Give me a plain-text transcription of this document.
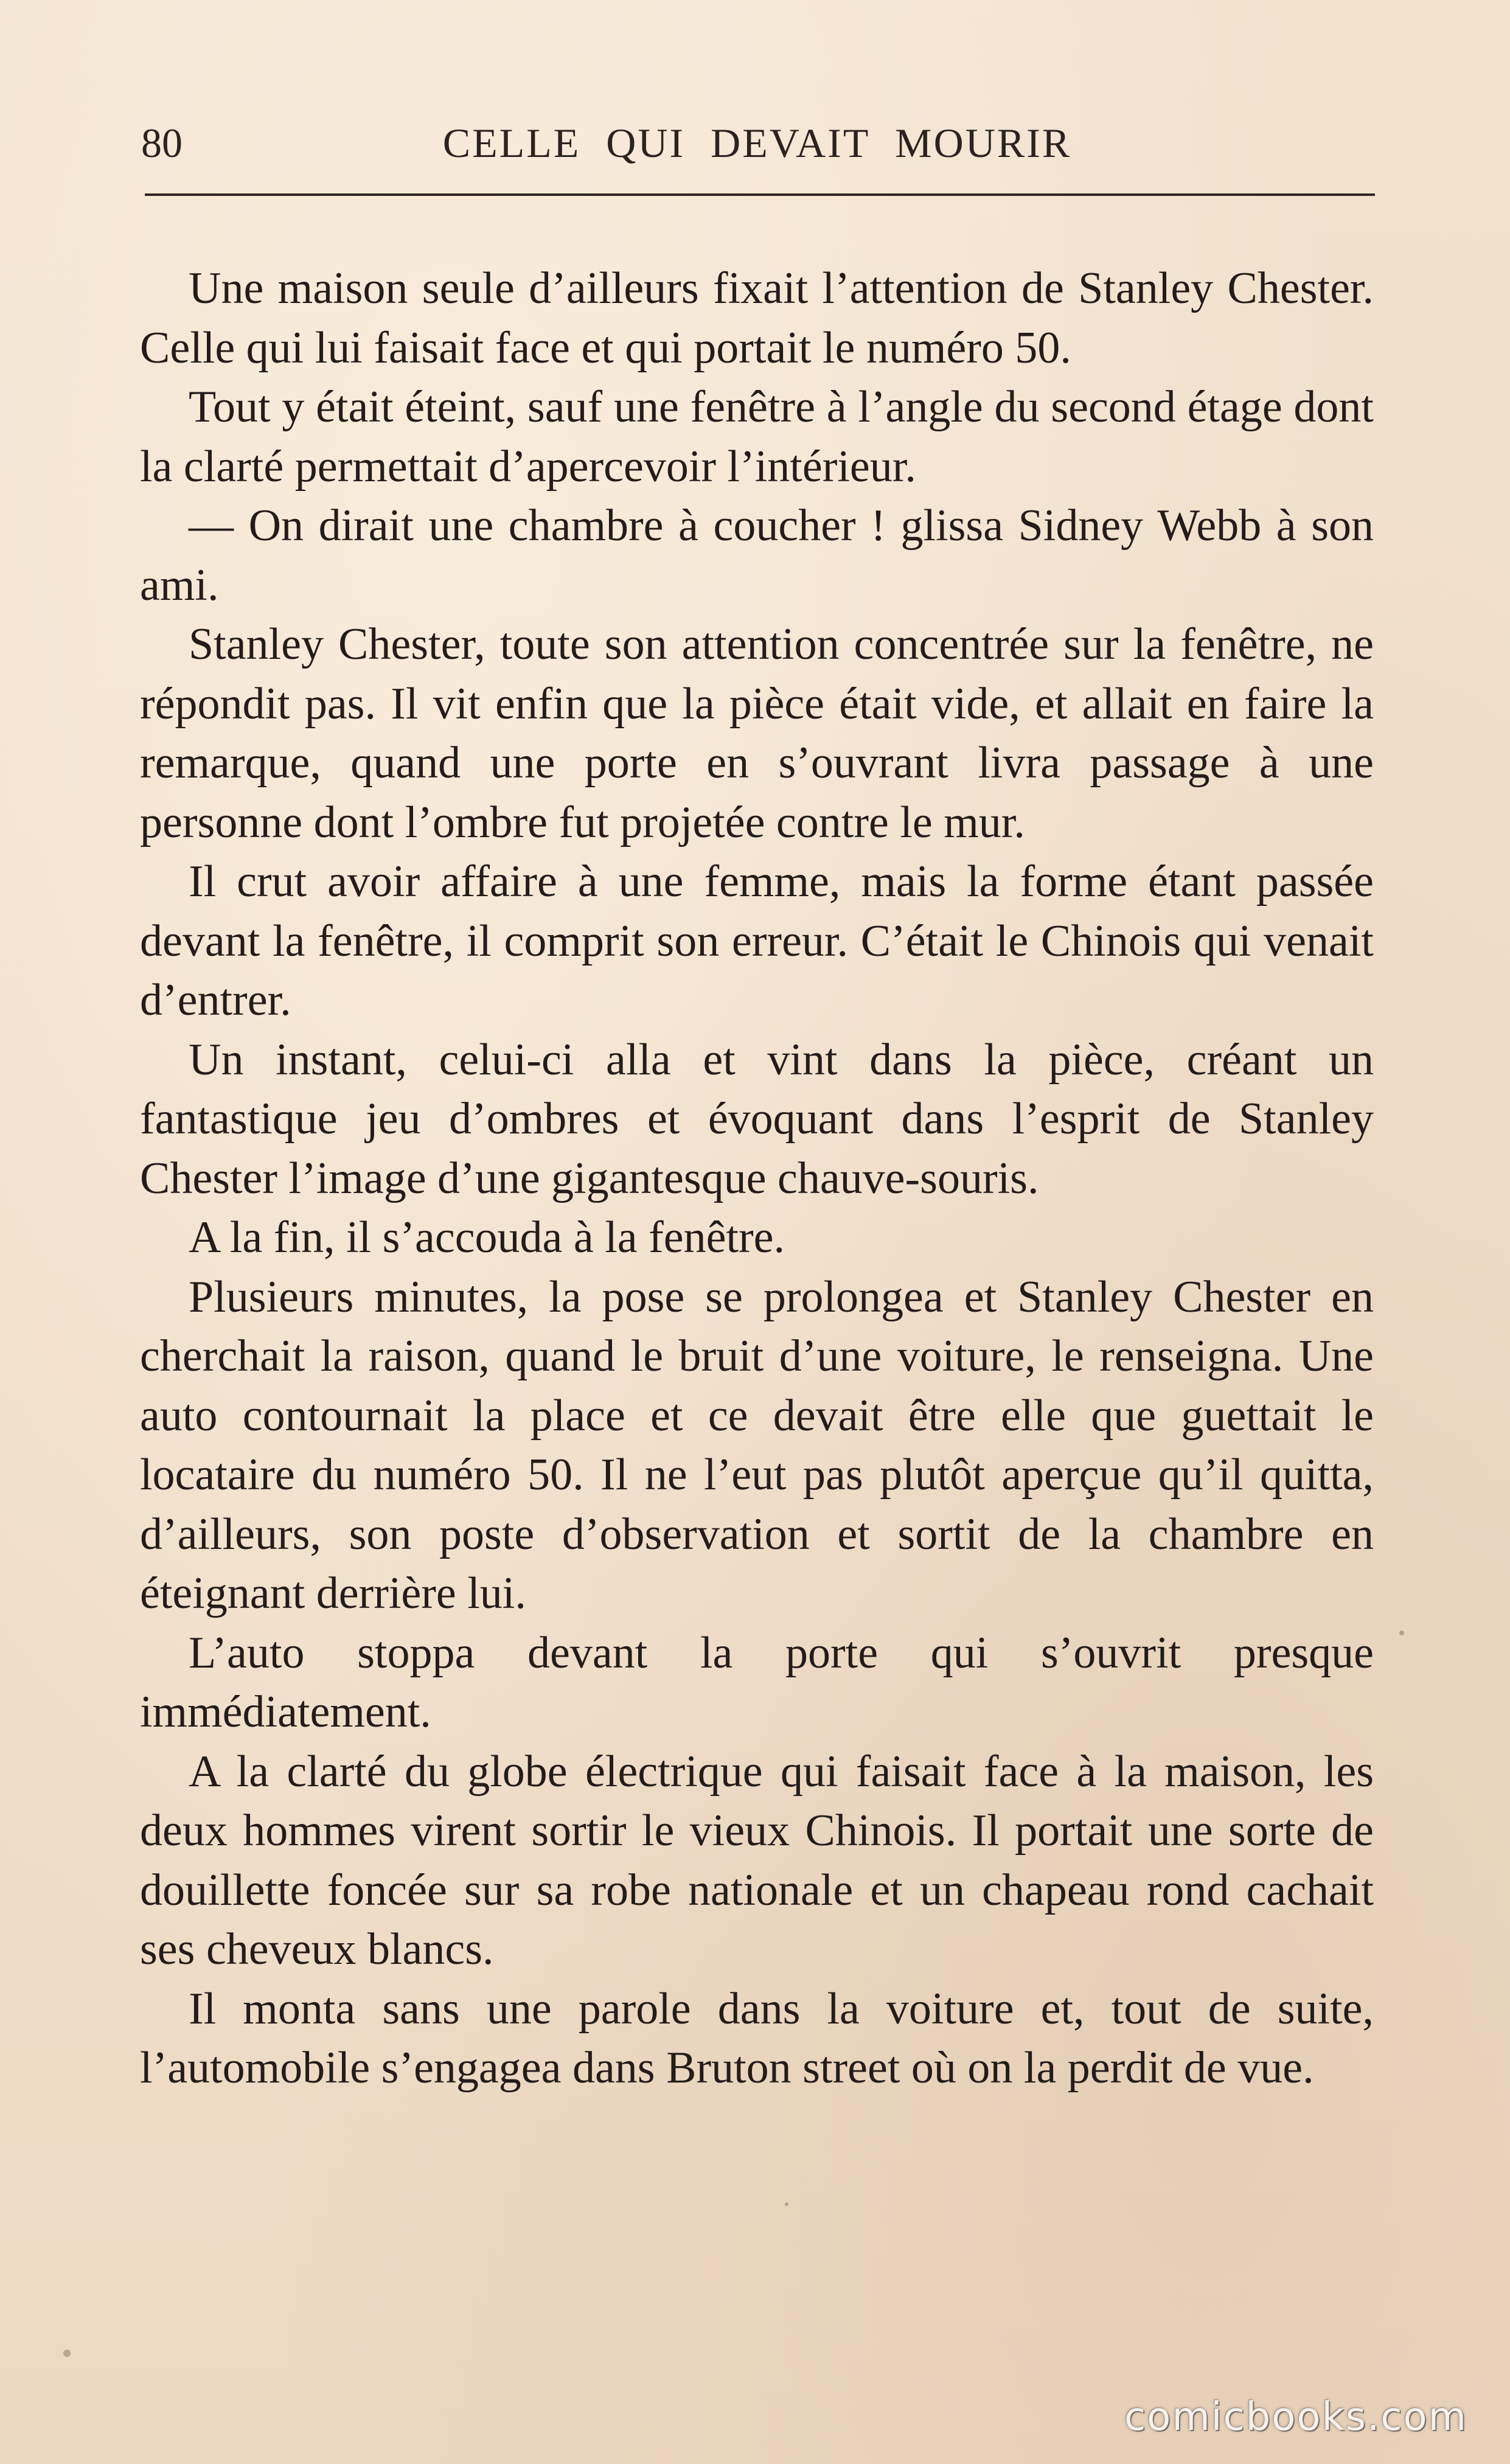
80	CELLE QUI DEVAIT MOURIR

Une maison seule d’ailleurs fixait l’attention de Stanley Chester. Celle qui lui faisait face et qui portait le numéro 50.

Tout y était éteint, sauf une fenêtre à l’angle du second étage dont la clarté permettait d’apercevoir l’intérieur.

— On dirait une chambre à coucher ! glissa Sidney Webb à son ami.

Stanley Chester, toute son attention concentrée sur la fenêtre, ne répondit pas. Il vit enfin que la pièce était vide, et allait en faire la remarque, quand une porte en s’ouvrant livra passage à une personne dont l’ombre fut projetée contre le mur.

Il crut avoir affaire à une femme, mais la forme étant passée devant la fenêtre, il comprit son erreur. C’était le Chinois qui venait d’entrer.

Un instant, celui-ci alla et vint dans la pièce, créant un fantastique jeu d’ombres et évoquant dans l’esprit de Stanley Chester l’image d’une gigantesque chauve-souris.

A la fin, il s’accouda à la fenêtre.

Plusieurs minutes, la pose se prolongea et Stanley Chester en cherchait la raison, quand le bruit d’une voiture, le renseigna. Une auto contournait la place et ce devait être elle que guettait le locataire du numéro 50. Il ne l’eut pas plutôt aperçue qu’il quitta, d’ailleurs, son poste d’observation et sortit de la chambre en éteignant derrière lui.

L’auto stoppa devant la porte qui s’ouvrit presque immédiatement.

A la clarté du globe électrique qui faisait face à la maison, les deux hommes virent sortir le vieux Chinois. Il portait une sorte de douillette foncée sur sa robe nationale et un chapeau rond cachait ses cheveux blancs.

Il monta sans une parole dans la voiture et, tout de suite, l’automobile s’engagea dans Bruton street où on la perdit de vue.

comicbooks.com
